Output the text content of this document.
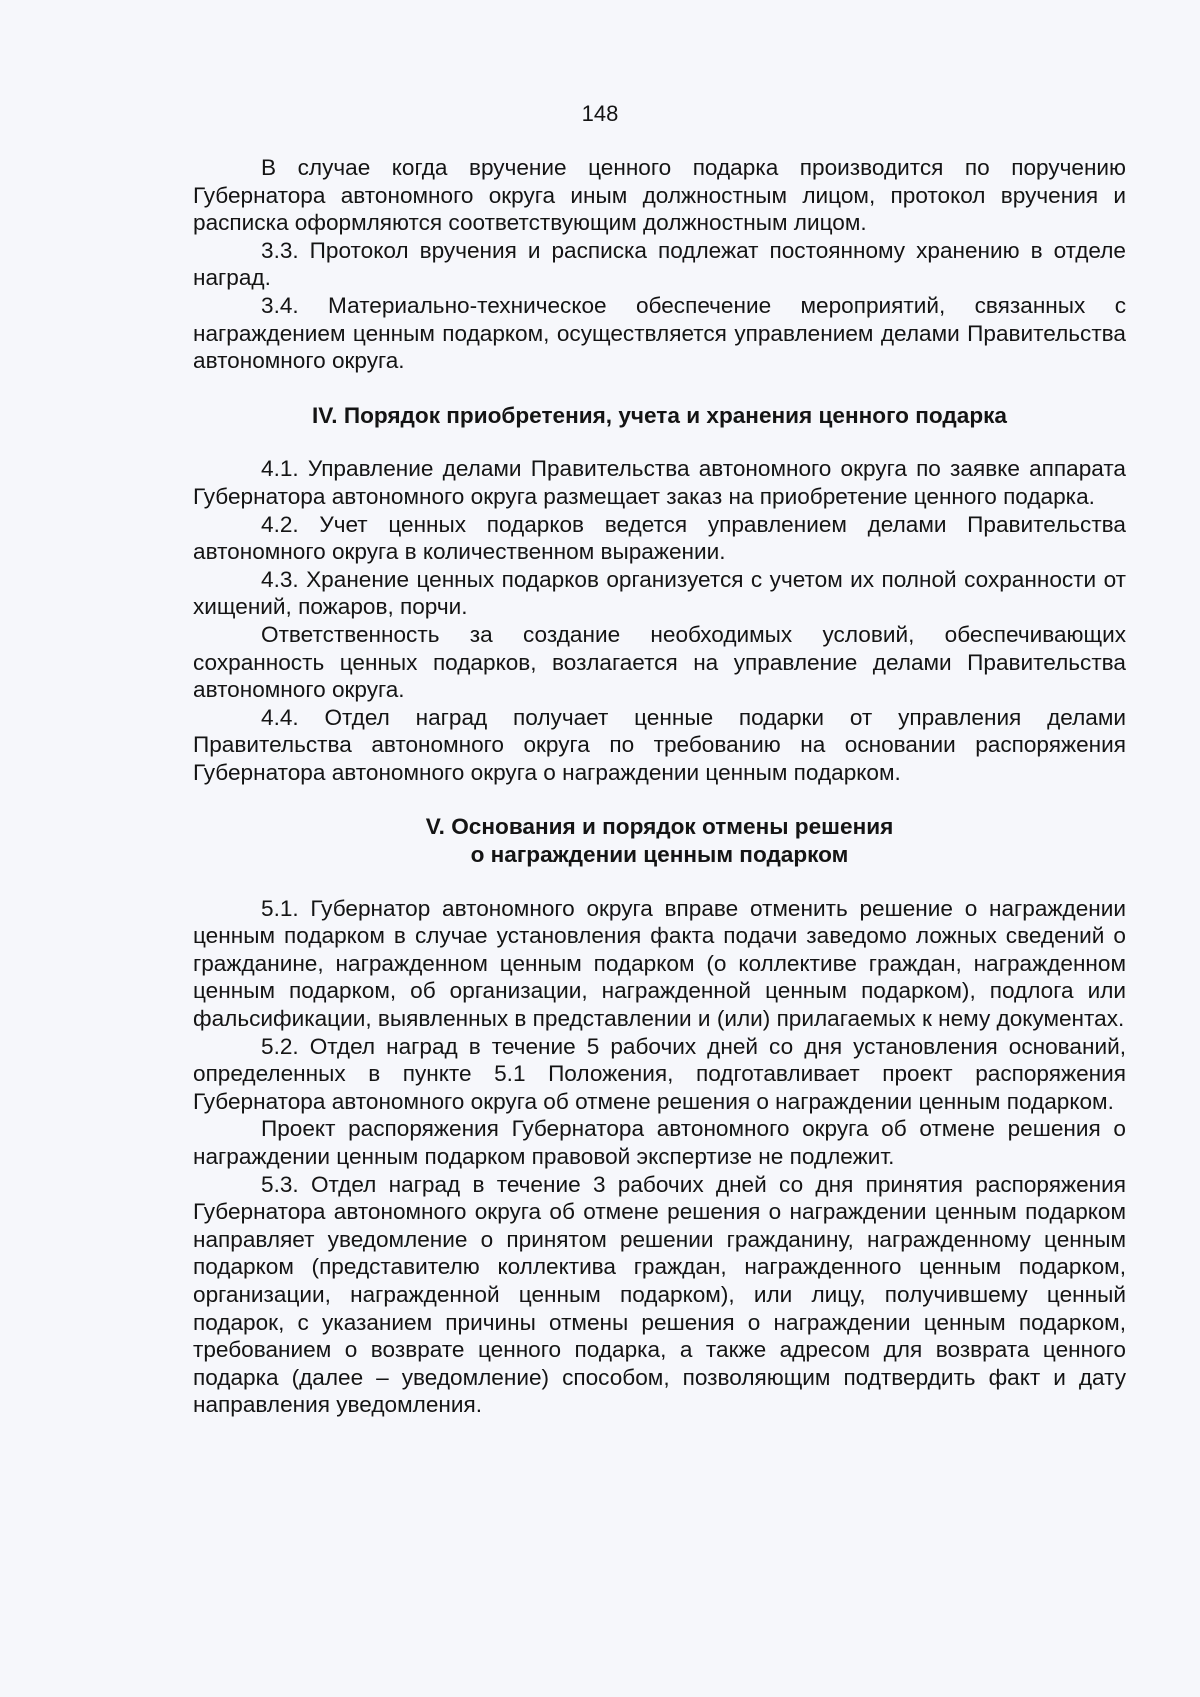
148

В случае когда вручение ценного подарка производится по поручению Губернатора автономного округа иным должностным лицом, протокол вручения и расписка оформляются соответствующим должностным лицом.

3.3. Протокол вручения и расписка подлежат постоянному хранению в отделе наград.

3.4. Материально-техническое обеспечение мероприятий, связанных с награждением ценным подарком, осуществляется управлением делами Правительства автономного округа.

IV. Порядок приобретения, учета и хранения ценного подарка

4.1. Управление делами Правительства автономного округа по заявке аппарата Губернатора автономного округа размещает заказ на приобретение ценного подарка.

4.2. Учет ценных подарков ведется управлением делами Правительства автономного округа в количественном выражении.

4.3. Хранение ценных подарков организуется с учетом их полной сохранности от хищений, пожаров, порчи.

Ответственность за создание необходимых условий, обеспечивающих сохранность ценных подарков, возлагается на управление делами Правительства автономного округа.

4.4. Отдел наград получает ценные подарки от управления делами Правительства автономного округа по требованию на основании распоряжения Губернатора автономного округа о награждении ценным подарком.

V. Основания и порядок отмены решения
о награждении ценным подарком

5.1. Губернатор автономного округа вправе отменить решение о награждении ценным подарком в случае установления факта подачи заведомо ложных сведений о гражданине, награжденном ценным подарком (о коллективе граждан, награжденном ценным подарком, об организации, награжденной ценным подарком), подлога или фальсификации, выявленных в представлении и (или) прилагаемых к нему документах.

5.2. Отдел наград в течение 5 рабочих дней со дня установления оснований, определенных в пункте 5.1 Положения, подготавливает проект распоряжения Губернатора автономного округа об отмене решения о награждении ценным подарком.

Проект распоряжения Губернатора автономного округа об отмене решения о награждении ценным подарком правовой экспертизе не подлежит.

5.3. Отдел наград в течение 3 рабочих дней со дня принятия распоряжения Губернатора автономного округа об отмене решения о награждении ценным подарком направляет уведомление о принятом решении гражданину, награжденному ценным подарком (представителю коллектива граждан, награжденного ценным подарком, организации, награжденной ценным подарком), или лицу, получившему ценный подарок, с указанием причины отмены решения о награждении ценным подарком, требованием о возврате ценного подарка, а также адресом для возврата ценного подарка (далее – уведомление) способом, позволяющим подтвердить факт и дату направления уведомления.
